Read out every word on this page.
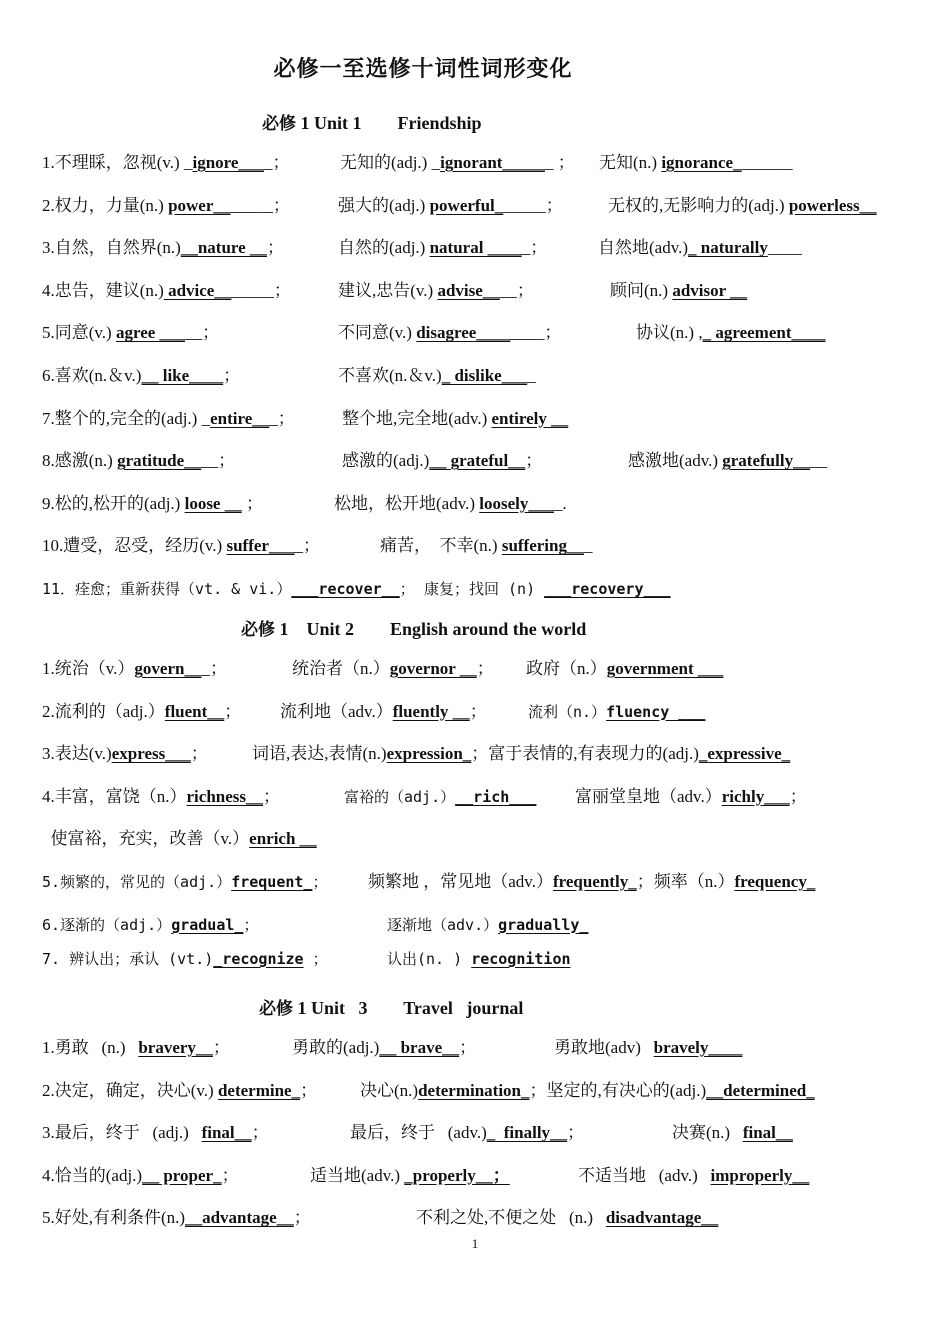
必修一至选修十词性词形变化
必修 1 Unit 1        Friendship
1.不理睬，忽视(v.) _ignore____；	无知的(adj.) _ignorant______ ； 无知(n.) ignorance_______
2.权力，力量(n.) power_______；	强大的(adj.) powerful______；	无权的,无影响力的(adj.) powerless__
3.自然，自然界(n.)__nature __；	自然的(adj.) natural _____；	自然地(adv.)_ naturally____
4.忠告，建议(n.) advice_______；	建议,忠告(v.) advise____；	顾问(n.) advisor __
5.同意(v.) agree _____；	不同意(v.) disagree________；	协议(n.) ,_ agreement____
6.喜欢(n.＆v.)__ like____；	不喜欢(n.＆v.)_ dislike____
7.整个的,完全的(adj.) _entire___；	整个地,完全地(adv.) entirely __
8.感激(n.) gratitude____；	感激的(adj.)__ grateful__；	感激地(adv.) gratefully____
9.松的,松开的(adj.) loose __ ；	松地，松开地(adv.) loosely____.
10.遭受，忍受，经历(v.) suffer____；	痛苦，  不幸(n.) suffering___
11．痊愈；重新获得（vt. & vi.）___recover__； 康复；找回 (n) ___recovery___
必修 1    Unit 2        English around the world
1.统治（v.）govern___；	统治者（n.）governor __； 政府（n.）government ___
2.流利的（adj.）fluent__； 流利地（adv.）fluently __；	流利（n.）fluency ___
3.表达(v.)express___；	词语,表达,表情(n.)expression_；富于表情的,有表现力的(adj.)_expressive_
4.丰富，富饶（n.）richness__；	富裕的（adj.）__rich___ 富丽堂皇地（adv.）richly___；
使富裕，充实，改善（v.）enrich __
5.频繁的，常见的（adj.）frequent_； 频繁地 ，常见地（adv.）frequently_；频率（n.）frequency_
6.逐渐的（adj.）gradual_；	逐渐地（adv.）gradually_
7. 辨认出；承认 (vt.)_recognize ；	认出(n. ) recognition
必修 1 Unit   3        Travel   journal
1.勇敢   (n.)   bravery__；	勇敢的(adj.)__ brave__；	勇敢地(adv)   bravely____
2.决定，确定，决心(v.) determine_；	决心(n.)determination_；坚定的,有决心的(adj.)__determined_
3.最后，终于   (adj.)   final__；	最后，终于   (adv.)_  finally__；	决赛(n.)   final__
4.恰当的(adj.)__ proper_；	适当地(adv.) _properly__；	不适当地   (adv.)   improperly__
5.好处,有利条件(n.)__advantage__；	不利之处,不便之处   (n.)   disadvantage__
1
